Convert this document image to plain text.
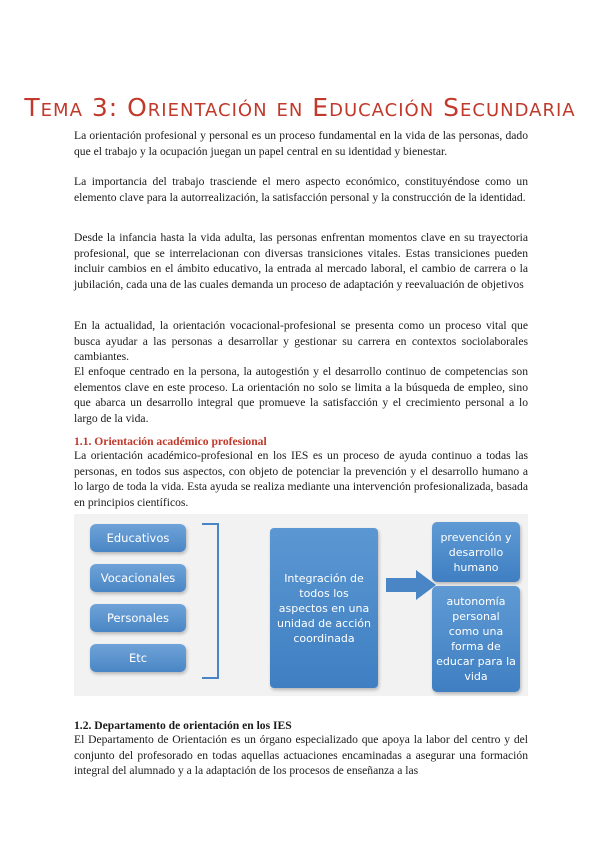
Tema 3: Orientación en Educación Secundaria

La orientación profesional y personal es un proceso fundamental en la vida de las personas, dado que el trabajo y la ocupación juegan un papel central en su identidad y bienestar.

La importancia del trabajo trasciende el mero aspecto económico, constituyéndose como un elemento clave para la autorrealización, la satisfacción personal y la construcción de la identidad.

Desde la infancia hasta la vida adulta, las personas enfrentan momentos clave en su trayectoria profesional, que se interrelacionan con diversas transiciones vitales. Estas transiciones pueden incluir cambios en el ámbito educativo, la entrada al mercado laboral, el cambio de carrera o la jubilación, cada una de las cuales demanda un proceso de adaptación y reevaluación de objetivos

En la actualidad, la orientación vocacional-profesional se presenta como un proceso vital que busca ayudar a las personas a desarrollar y gestionar su carrera en contextos sociolaborales cambiantes.

El enfoque centrado en la persona, la autogestión y el desarrollo continuo de competencias son elementos clave en este proceso. La orientación no solo se limita a la búsqueda de empleo, sino que abarca un desarrollo integral que promueve la satisfacción y el crecimiento personal a lo largo de la vida.

1.1. Orientación académico profesional

La orientación académico-profesional en los IES es un proceso de ayuda continuo a todas las personas, en todos sus aspectos, con objeto de potenciar la prevención y el desarrollo humano a lo largo de toda la vida. Esta ayuda se realiza mediante una intervención profesionalizada, basada en principios científicos.

Educativos
Vocacionales
Personales
Etc
Integración de todos los aspectos en una unidad de acción coordinada
prevención y desarrollo humano
autonomía personal como una forma de educar para la vida
1.2. Departamento de orientación en los IES

El Departamento de Orientación es un órgano especializado que apoya la labor del centro y del conjunto del profesorado en todas aquellas actuaciones encaminadas a asegurar una formación integral del alumnado y a la adaptación de los procesos de enseñanza a las
